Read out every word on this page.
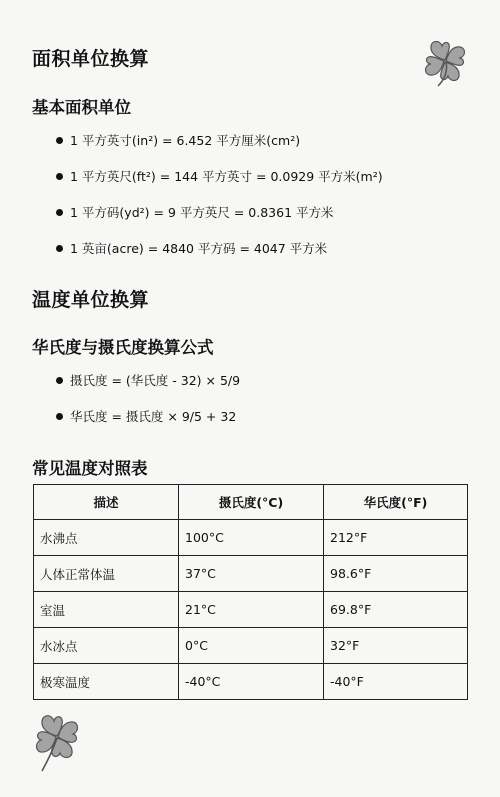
面积单位换算
基本面积单位
1 平方英寸(in²) = 6.452 平方厘米(cm²)
1 平方英尺(ft²) = 144 平方英寸 = 0.0929 平方米(m²)
1 平方码(yd²) = 9 平方英尺 = 0.8361 平方米
1 英亩(acre) = 4840 平方码 = 4047 平方米
温度单位换算
华氏度与摄氏度换算公式
摄氏度 = (华氏度 - 32) × 5/9
华氏度 = 摄氏度 × 9/5 + 32
常见温度对照表
描述	摄氏度(°C)	华氏度(°F)
水沸点	100°C	212°F
人体正常体温	37°C	98.6°F
室温	21°C	69.8°F
水冰点	0°C	32°F
极寒温度	-40°C	-40°F
